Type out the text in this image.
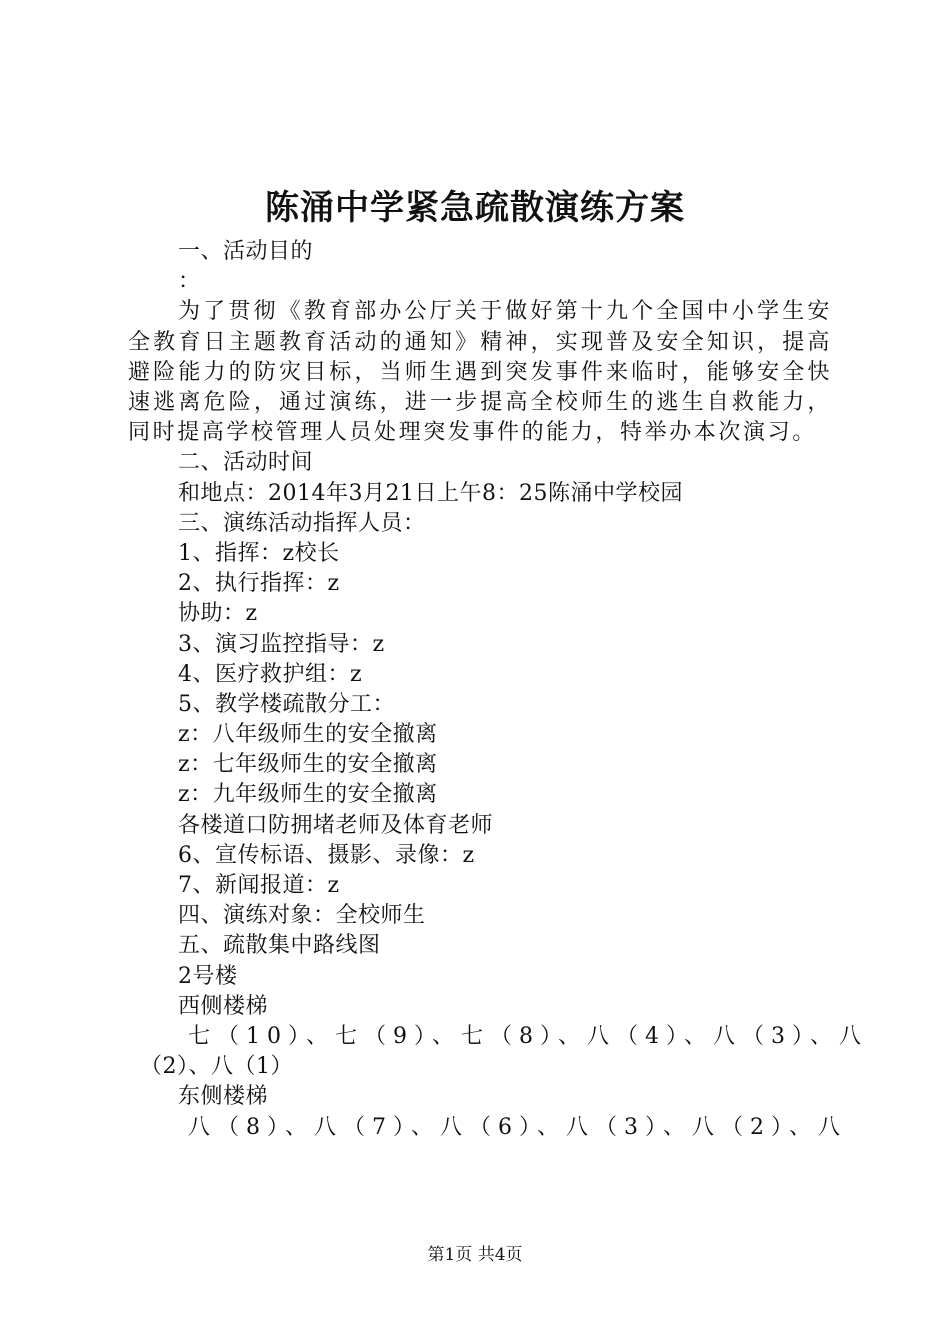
陈涌中学紧急疏散演练方案
一、活动目的
：
为了贯彻《教育部办公厅关于做好第十九个全国中小学生安全教育日主题教育活动的通知》精神，实现普及安全知识，提高避险能力的防灾目标，当师生遇到突发事件来临时，能够安全快速逃离危险，通过演练，进一步提高全校师生的逃生自救能力，同时提高学校管理人员处理突发事件的能力，特举办本次演习。
二、活动时间
和地点：2014年3月21日上午8：25陈涌中学校园
三、演练活动指挥人员：
1、指挥：z校长
2、执行指挥：z
协助：z
3、演习监控指导：z
4、医疗救护组：z
5、教学楼疏散分工：
z：八年级师生的安全撤离
z：七年级师生的安全撤离
z：九年级师生的安全撤离
各楼道口防拥堵老师及体育老师
6、宣传标语、摄影、录像：z
7、新闻报道：z
四、演练对象：全校师生
五、疏散集中路线图
2号楼
西侧楼梯
七（10）、七（9）、七（8）、八（4）、八（3）、八
（2）、八（1）
东侧楼梯
八（8）、八（7）、八（6）、八（3）、八（2）、八
第1页 共4页
